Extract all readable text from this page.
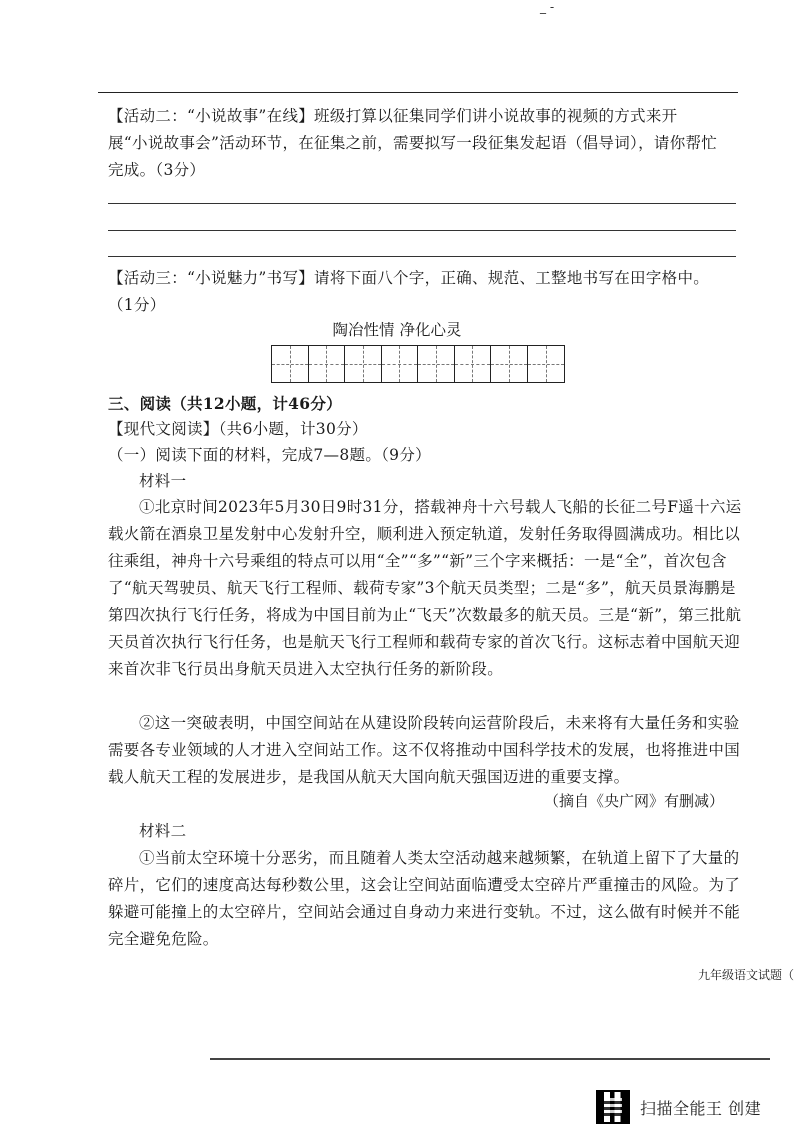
_ -
【活动二：“小说故事”在线】班级打算以征集同学们讲小说故事的视频的方式来开
展“小说故事会”活动环节，在征集之前，需要拟写一段征集发起语（倡导词），请你帮忙
完成。（3分）
【活动三：“小说魅力”书写】请将下面八个字，正确、规范、工整地书写在田字格中。
（1分）
陶冶性情 净化心灵
三、阅读（共12小题，计46分）
【现代文阅读】（共6小题，计30分）
（一）阅读下面的材料，完成7—8题。（9分）
材料一
①北京时间2023年5月30日9时31分，搭载神舟十六号载人飞船的长征二号F遥十六运载火箭在酒泉卫星发射中心发射升空，顺利进入预定轨道，发射任务取得圆满成功。相比以往乘组，神舟十六号乘组的特点可以用“全”“多”“新”三个字来概括：一是“全”，首次包含了“航天驾驶员、航天飞行工程师、载荷专家”3个航天员类型；二是“多”，航天员景海鹏是第四次执行飞行任务，将成为中国目前为止“飞天”次数最多的航天员。三是“新”，第三批航天员首次执行飞行任务，也是航天飞行工程师和载荷专家的首次飞行。这标志着中国航天迎来首次非飞行员出身航天员进入太空执行任务的新阶段。
②这一突破表明，中国空间站在从建设阶段转向运营阶段后，未来将有大量任务和实验需要各专业领域的人才进入空间站工作。这不仅将推动中国科学技术的发展，也将推进中国载人航天工程的发展进步，是我国从航天大国向航天强国迈进的重要支撑。
（摘自《央广网》有删减）
材料二
①当前太空环境十分恶劣，而且随着人类太空活动越来越频繁，在轨道上留下了大量的碎片，它们的速度高达每秒数公里，这会让空间站面临遭受太空碎片严重撞击的风险。为了躲避可能撞上的太空碎片，空间站会通过自身动力来进行变轨。不过，这么做有时候并不能完全避免危险。
九年级语文试题（
扫描全能王 创建
